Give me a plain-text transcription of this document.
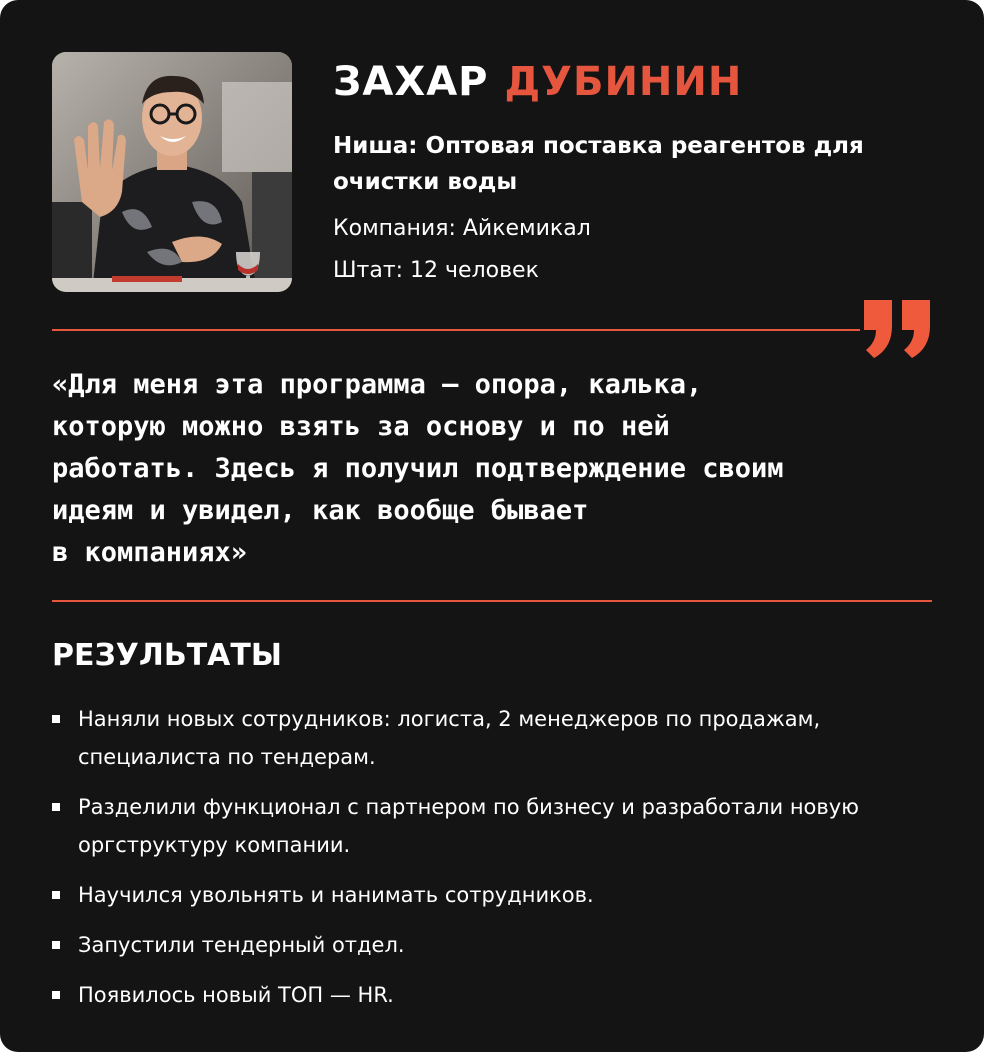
ЗАХАР ДУБИНИН

Ниша: Оптовая поставка реагентов для очистки воды

Компания: Айкемикал

Штат: 12 человек

«Для меня эта программа — опора, калька,
которую можно взять за основу и по ней
работать. Здесь я получил подтверждение своим
идеям и увидел, как вообще бывает
в компаниях»

РЕЗУЛЬТАТЫ
Наняли новых сотрудников: логиста, 2 менеджеров по продажам, специалиста по тендерам.
Разделили функционал с партнером по бизнесу и разработали новую оргструктуру компании.
Научился увольнять и нанимать сотрудников.
Запустили тендерный отдел.
Появилось новый ТОП — HR.
